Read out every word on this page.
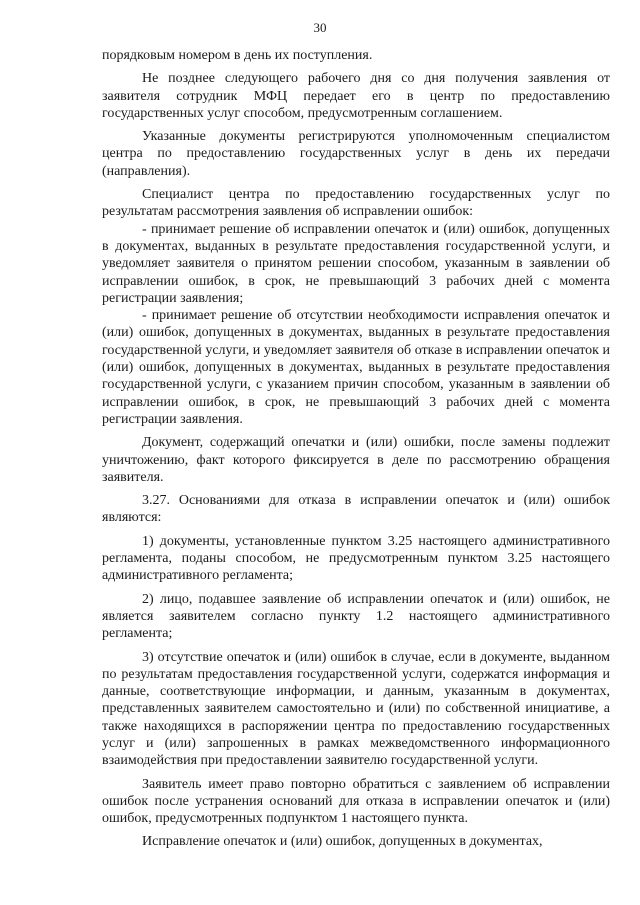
30

порядковым номером в день их поступления.

Не позднее следующего рабочего дня со дня получения заявления от заявителя сотрудник МФЦ передает его в центр по предоставлению государственных услуг способом, предусмотренным соглашением.

Указанные документы регистрируются уполномоченным специалистом центра по предоставлению государственных услуг в день их передачи (направления).

Специалист центра по предоставлению государственных услуг по результатам рассмотрения заявления об исправлении ошибок:

- принимает решение об исправлении опечаток и (или) ошибок, допущенных в документах, выданных в результате предоставления государственной услуги, и уведомляет заявителя о принятом решении способом, указанным в заявлении об исправлении ошибок, в срок, не превышающий 3 рабочих дней с момента регистрации заявления;

- принимает решение об отсутствии необходимости исправления опечаток и (или) ошибок, допущенных в документах, выданных в результате предоставления государственной услуги, и уведомляет заявителя об отказе в исправлении опечаток и (или) ошибок, допущенных в документах, выданных в результате предоставления государственной услуги, с указанием причин способом, указанным в заявлении об исправлении ошибок, в срок, не превышающий 3 рабочих дней с момента регистрации заявления.

Документ, содержащий опечатки и (или) ошибки, после замены подлежит уничтожению, факт которого фиксируется в деле по рассмотрению обращения заявителя.

3.27. Основаниями для отказа в исправлении опечаток и (или) ошибок являются:

1) документы, установленные пунктом 3.25 настоящего административного регламента, поданы способом, не предусмотренным пунктом 3.25 настоящего административного регламента;

2) лицо, подавшее заявление об исправлении опечаток и (или) ошибок, не является заявителем согласно пункту 1.2 настоящего административного регламента;

3) отсутствие опечаток и (или) ошибок в случае, если в документе, выданном по результатам предоставления государственной услуги, содержатся информация и данные, соответствующие информации, и данным, указанным в документах, представленных заявителем самостоятельно и (или) по собственной инициативе, а также находящихся в распоряжении центра по предоставлению государственных услуг и (или) запрошенных в рамках межведомственного информационного взаимодействия при предоставлении заявителю государственной услуги.

Заявитель имеет право повторно обратиться с заявлением об исправлении ошибок после устранения оснований для отказа в исправлении опечаток и (или) ошибок, предусмотренных подпунктом 1 настоящего пункта.

Исправление опечаток и (или) ошибок, допущенных в документах,
